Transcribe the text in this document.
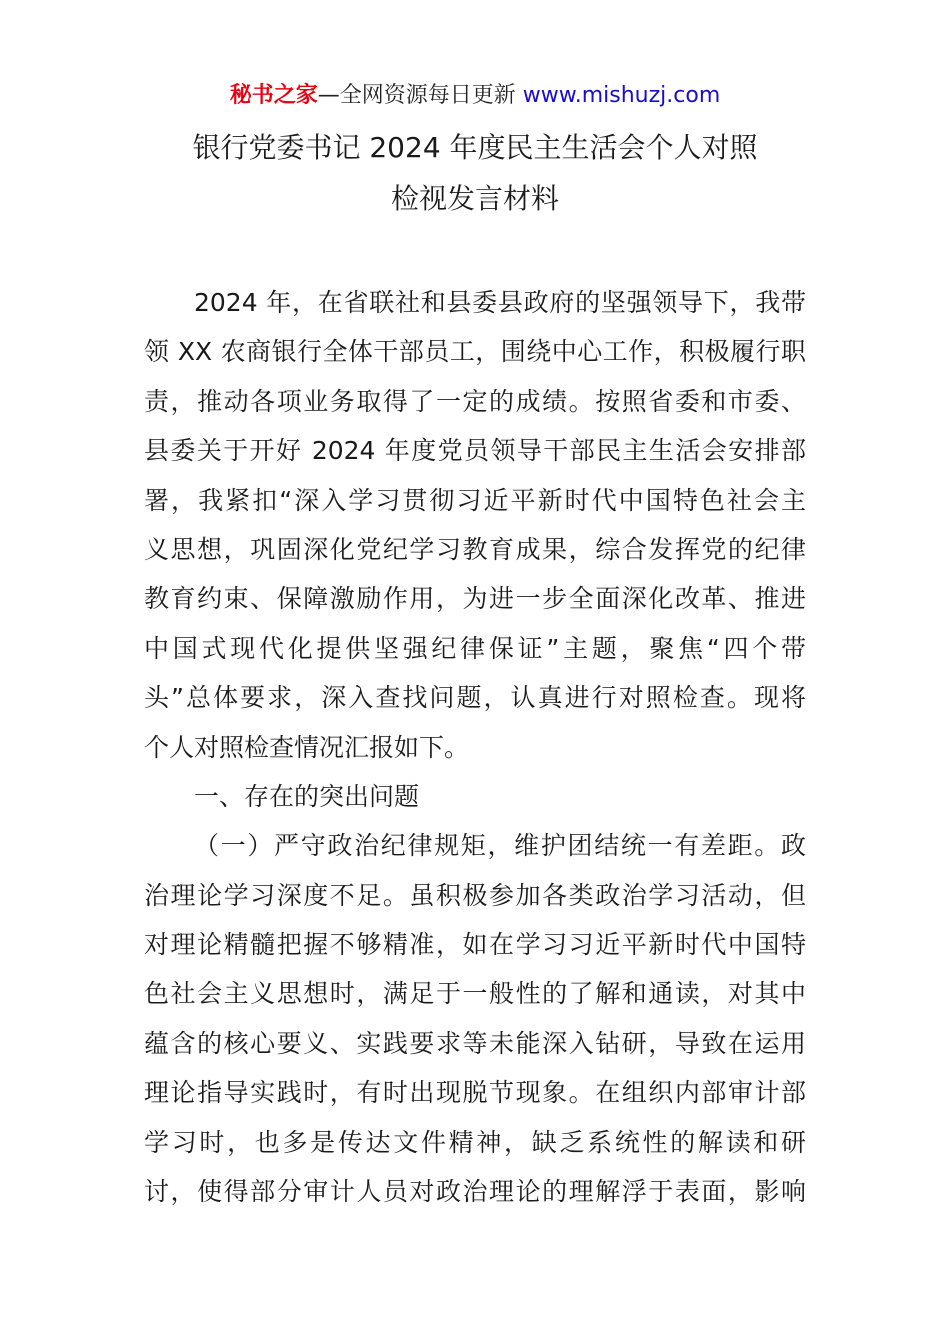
秘书之家—全网资源每日更新 www.mishuzj.com
银行党委书记 2024 年度民主生活会个人对照
检视发言材料
2024 年，在省联社和县委县政府的坚强领导下，我带
领 XX 农商银行全体干部员工，围绕中心工作，积极履行职
责，推动各项业务取得了一定的成绩。按照省委和市委、
县委关于开好 2024 年度党员领导干部民主生活会安排部
署，我紧扣“深入学习贯彻习近平新时代中国特色社会主
义思想，巩固深化党纪学习教育成果，综合发挥党的纪律
教育约束、保障激励作用，为进一步全面深化改革、推进
中国式现代化提供坚强纪律保证”主题，聚焦“四个带
头”总体要求，深入查找问题，认真进行对照检查。现将
个人对照检查情况汇报如下。
一、存在的突出问题
（一）严守政治纪律规矩，维护团结统一有差距。政
治理论学习深度不足。虽积极参加各类政治学习活动，但
对理论精髓把握不够精准，如在学习习近平新时代中国特
色社会主义思想时，满足于一般性的了解和通读，对其中
蕴含的核心要义、实践要求等未能深入钻研，导致在运用
理论指导实践时，有时出现脱节现象。在组织内部审计部
学习时，也多是传达文件精神，缺乏系统性的解读和研
讨，使得部分审计人员对政治理论的理解浮于表面，影响
